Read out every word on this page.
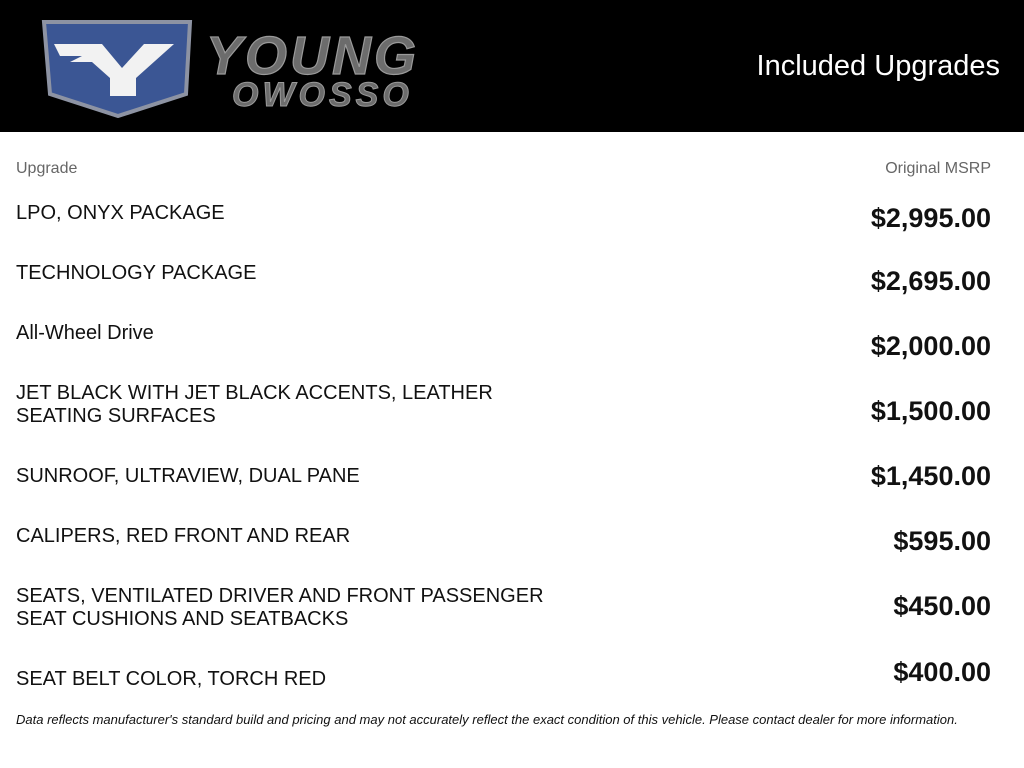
YOUNG
OWOSSO
Included Upgrades
Upgrade	Original MSRP
LPO, ONYX PACKAGE	$2,995.00
TECHNOLOGY PACKAGE	$2,695.00
All-Wheel Drive	$2,000.00
JET BLACK WITH JET BLACK ACCENTS, LEATHER
SEATING SURFACES	$1,500.00
SUNROOF, ULTRAVIEW, DUAL PANE	$1,450.00
CALIPERS, RED FRONT AND REAR	$595.00
SEATS, VENTILATED DRIVER AND FRONT PASSENGER
SEAT CUSHIONS AND SEATBACKS	$450.00
SEAT BELT COLOR, TORCH RED	$400.00
Data reflects manufacturer's standard build and pricing and may not accurately reflect the exact condition of this vehicle. Please contact dealer for more information.
